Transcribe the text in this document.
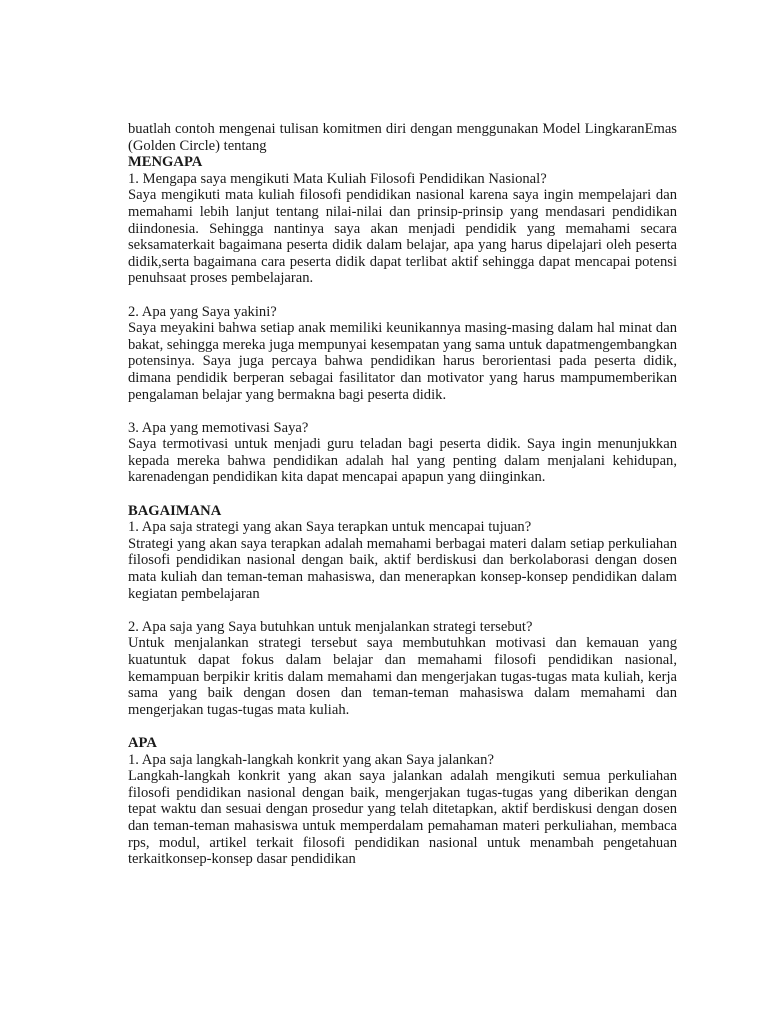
buatlah contoh mengenai tulisan komitmen diri dengan menggunakan Model LingkaranEmas (Golden Circle) tentang

MENGAPA

1. Mengapa saya mengikuti Mata Kuliah Filosofi Pendidikan Nasional?

Saya mengikuti mata kuliah filosofi pendidikan nasional karena saya ingin mempelajari dan memahami lebih lanjut tentang nilai-nilai dan prinsip-prinsip yang mendasari pendidikan diindonesia. Sehingga nantinya saya akan menjadi pendidik yang memahami secara seksamaterkait bagaimana peserta didik dalam belajar, apa yang harus dipelajari oleh peserta didik,serta bagaimana cara peserta didik dapat terlibat aktif sehingga dapat mencapai potensi penuhsaat proses pembelajaran.

2. Apa yang Saya yakini?

Saya meyakini bahwa setiap anak memiliki keunikannya masing-masing dalam hal minat dan bakat, sehingga mereka juga mempunyai kesempatan yang sama untuk dapatmengembangkan potensinya. Saya juga percaya bahwa pendidikan harus berorientasi pada peserta didik, dimana pendidik berperan sebagai fasilitator dan motivator yang harus mampumemberikan pengalaman belajar yang bermakna bagi peserta didik.

3. Apa yang memotivasi Saya?

Saya termotivasi untuk menjadi guru teladan bagi peserta didik. Saya ingin menunjukkan kepada mereka bahwa pendidikan adalah hal yang penting dalam menjalani kehidupan, karenadengan pendidikan kita dapat mencapai apapun yang diinginkan.

BAGAIMANA

1. Apa saja strategi yang akan Saya terapkan untuk mencapai tujuan?

Strategi yang akan saya terapkan adalah memahami berbagai materi dalam setiap perkuliahan filosofi pendidikan nasional dengan baik, aktif berdiskusi dan berkolaborasi dengan dosen mata kuliah dan teman-teman mahasiswa, dan menerapkan konsep-konsep pendidikan dalam kegiatan pembelajaran

2. Apa saja yang Saya butuhkan untuk menjalankan strategi tersebut?

Untuk menjalankan strategi tersebut saya membutuhkan motivasi dan kemauan yang kuatuntuk dapat fokus dalam belajar dan memahami filosofi pendidikan nasional, kemampuan berpikir kritis dalam memahami dan mengerjakan tugas-tugas mata kuliah, kerja sama yang baik dengan dosen dan teman-teman mahasiswa dalam memahami dan mengerjakan tugas-tugas mata kuliah.

APA

1. Apa saja langkah-langkah konkrit yang akan Saya jalankan?

Langkah-langkah konkrit yang akan saya jalankan adalah mengikuti semua perkuliahan filosofi pendidikan nasional dengan baik, mengerjakan tugas-tugas yang diberikan dengan tepat waktu dan sesuai dengan prosedur yang telah ditetapkan, aktif berdiskusi dengan dosen dan teman-teman mahasiswa untuk memperdalam pemahaman materi perkuliahan, membaca rps, modul, artikel terkait filosofi pendidikan nasional untuk menambah pengetahuan terkaitkonsep-konsep dasar pendidikan
